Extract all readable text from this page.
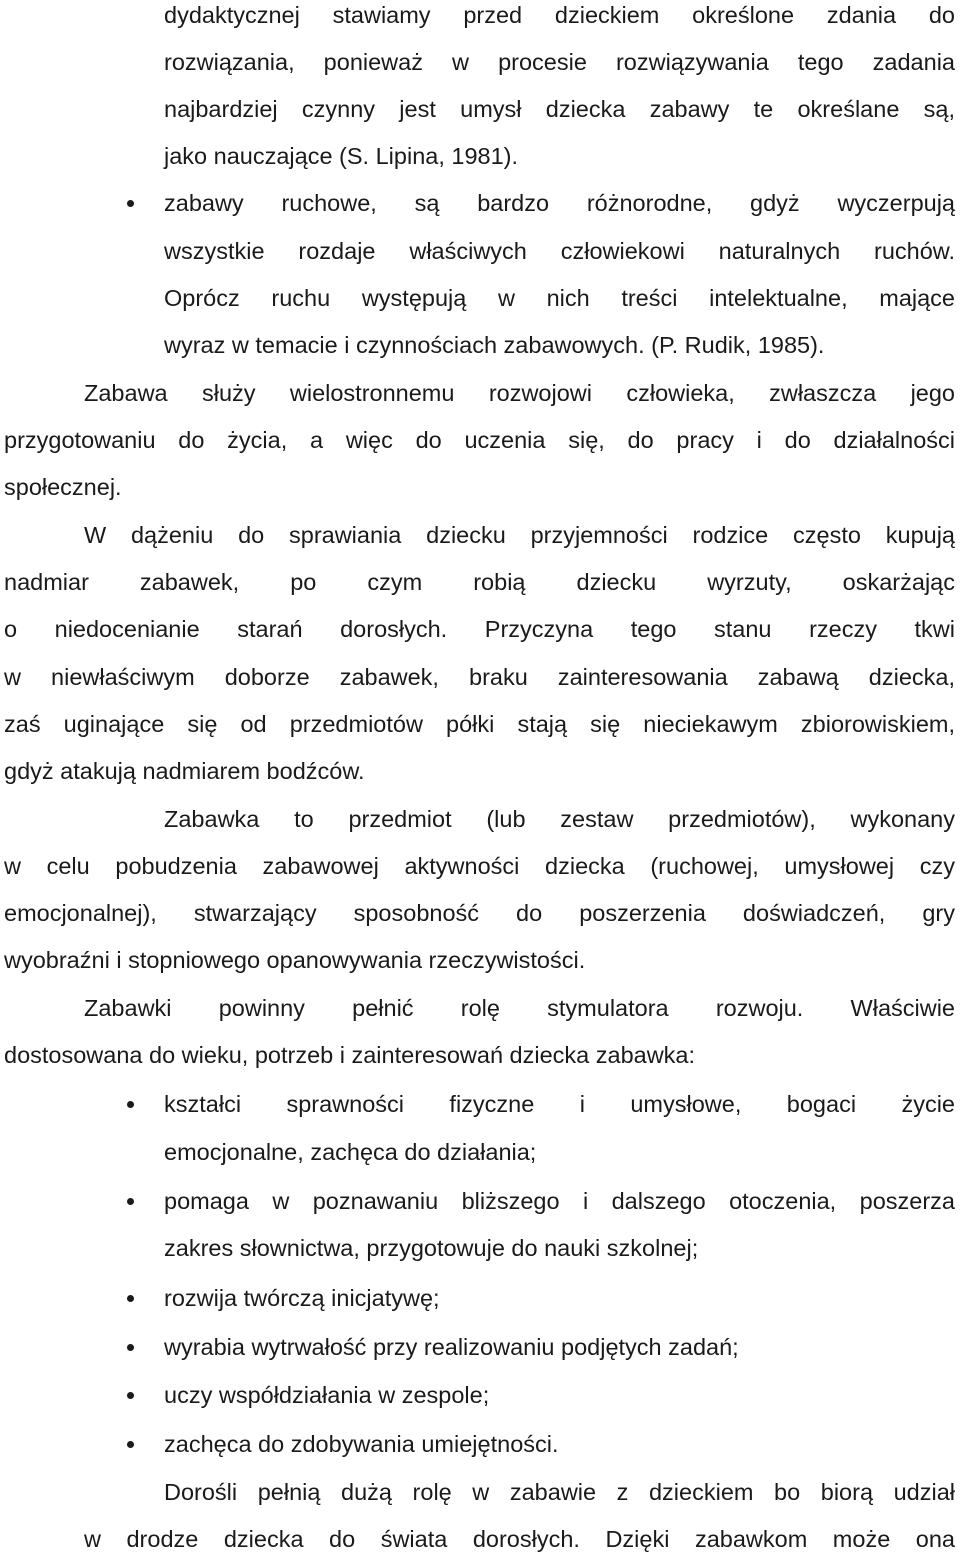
dydaktycznej stawiamy przed dzieckiem określone zdania do
rozwiązania, ponieważ w procesie rozwiązywania tego zadania
najbardziej czynny jest umysł dziecka zabawy te określane są,
jako nauczające (S. Lipina, 1981).
zabawy ruchowe, są bardzo różnorodne, gdyż wyczerpują
wszystkie rozdaje właściwych człowiekowi naturalnych ruchów.
Oprócz ruchu występują w nich treści intelektualne, mające
wyraz w temacie i czynnościach zabawowych. (P. Rudik, 1985).
Zabawa służy wielostronnemu rozwojowi człowieka, zwłaszcza jego
przygotowaniu do życia, a więc do uczenia się, do pracy i do działalności
społecznej.
W dążeniu do sprawiania dziecku przyjemności rodzice często kupują
nadmiar zabawek, po czym robią dziecku wyrzuty, oskarżając
o niedocenianie starań dorosłych. Przyczyna tego stanu rzeczy tkwi
w niewłaściwym doborze zabawek, braku zainteresowania zabawą dziecka,
zaś uginające się od przedmiotów półki stają się nieciekawym zbiorowiskiem,
gdyż atakują nadmiarem bodźców.
Zabawka to przedmiot (lub zestaw przedmiotów), wykonany
w celu pobudzenia zabawowej aktywności dziecka (ruchowej, umysłowej czy
emocjonalnej), stwarzający sposobność do poszerzenia doświadczeń, gry
wyobraźni i stopniowego opanowywania rzeczywistości.
Zabawki powinny pełnić rolę stymulatora rozwoju. Właściwie
dostosowana do wieku, potrzeb i zainteresowań dziecka zabawka:
kształci sprawności fizyczne i umysłowe, bogaci życie
emocjonalne, zachęca do działania;
pomaga w poznawaniu bliższego i dalszego otoczenia, poszerza
zakres słownictwa, przygotowuje do nauki szkolnej;
rozwija twórczą inicjatywę;
wyrabia wytrwałość przy realizowaniu podjętych zadań;
uczy współdziałania w zespole;
zachęca do zdobywania umiejętności.
Dorośli pełnią dużą rolę w zabawie z dzieckiem bo biorą udział
w drodze dziecka do świata dorosłych. Dzięki zabawkom może ona
